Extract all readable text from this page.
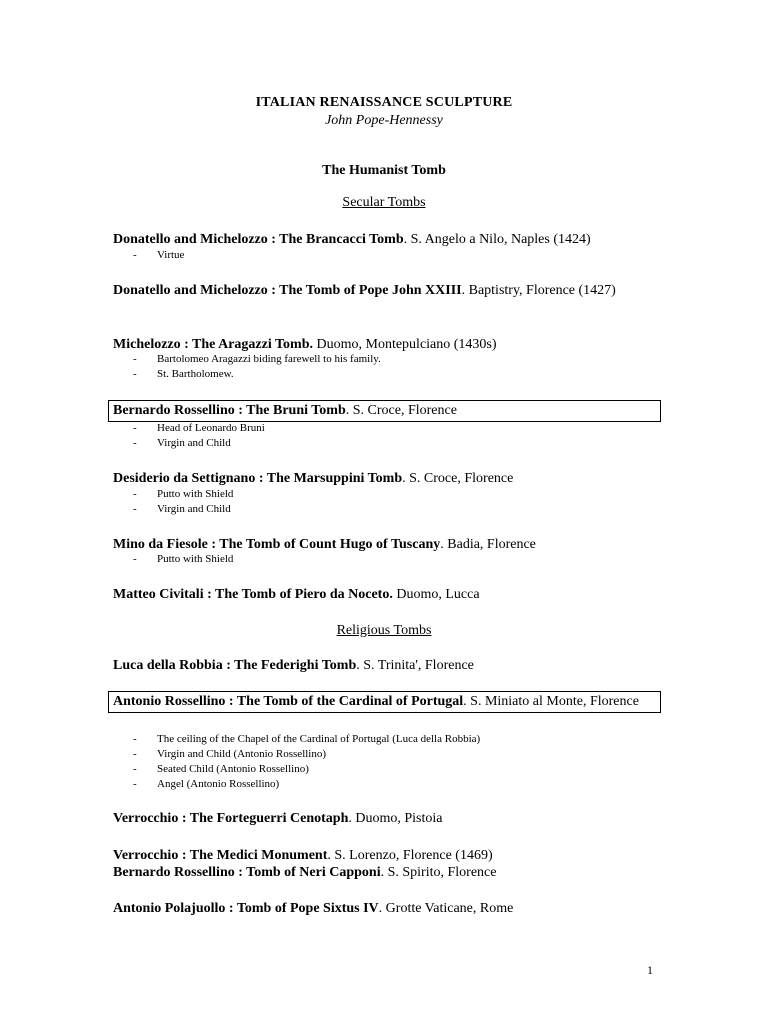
ITALIAN RENAISSANCE SCULPTURE
John Pope-Hennessy
The Humanist Tomb
Secular Tombs
Donatello and Michelozzo : The Brancacci Tomb. S. Angelo a Nilo, Naples (1424)
- Virtue
Donatello and Michelozzo : The Tomb of Pope John XXIII. Baptistry, Florence (1427)
Michelozzo : The Aragazzi Tomb. Duomo, Montepulciano (1430s)
- Bartolomeo Aragazzi biding farewell to his family.
- St. Bartholomew.
Bernardo Rossellino : The Bruni Tomb. S. Croce, Florence
- Head of Leonardo Bruni
- Virgin and Child
Desiderio da Settignano : The Marsuppini Tomb. S. Croce, Florence
- Putto with Shield
- Virgin and Child
Mino da Fiesole : The Tomb of Count Hugo of Tuscany. Badia, Florence
- Putto with Shield
Matteo Civitali : The Tomb of Piero da Noceto. Duomo, Lucca
Religious Tombs
Luca della Robbia : The Federighi Tomb. S. Trinita', Florence
Antonio Rossellino : The Tomb of the Cardinal of Portugal. S. Miniato al Monte, Florence
- The ceiling of the Chapel of the Cardinal of Portugal (Luca della Robbia)
- Virgin and Child (Antonio Rossellino)
- Seated Child (Antonio Rossellino)
- Angel (Antonio Rossellino)
Verrocchio : The Forteguerri Cenotaph. Duomo, Pistoia
Verrocchio : The Medici Monument. S. Lorenzo, Florence (1469)
Bernardo Rossellino : Tomb of Neri Capponi. S. Spirito, Florence
Antonio Polajuollo : Tomb of Pope Sixtus IV. Grotte Vaticane, Rome
1
